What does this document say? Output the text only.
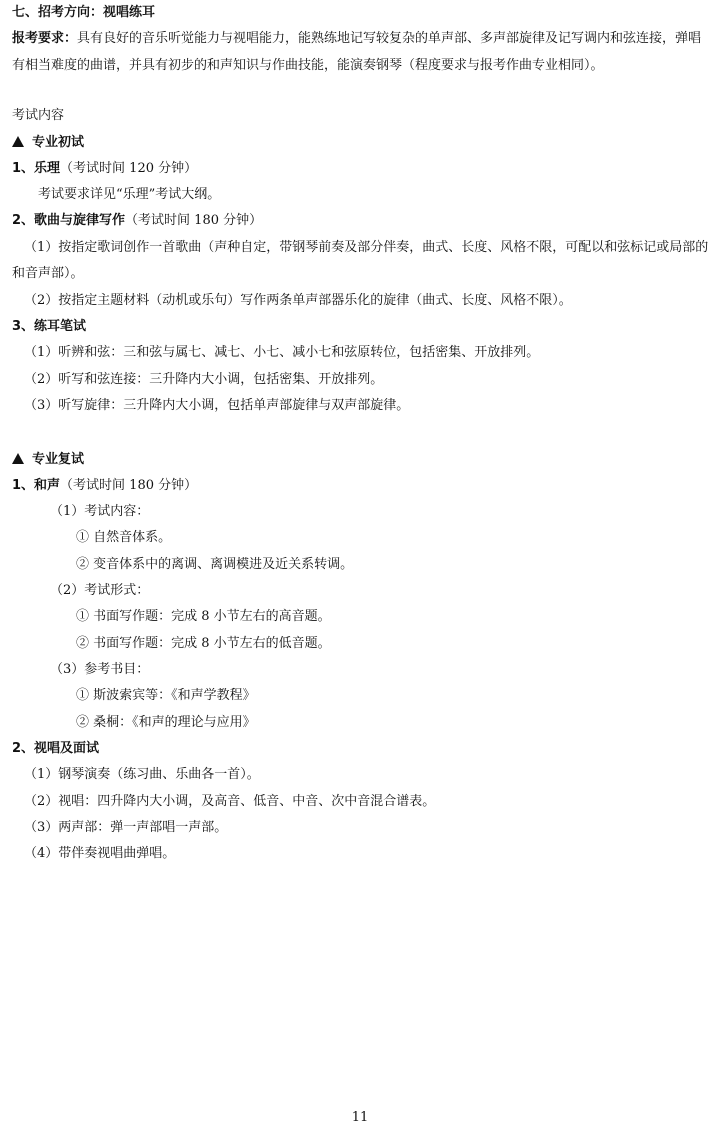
七、招考方向：视唱练耳
报考要求：具有良好的音乐听觉能力与视唱能力，能熟练地记写较复杂的单声部、多声部旋律及记写调内和弦连接，弹唱有相当难度的曲谱，并具有初步的和声知识与作曲技能，能演奏钢琴（程度要求与报考作曲专业相同）。
考试内容
专业初试
1、乐理（考试时间 120 分钟）
考试要求详见“乐理”考试大纲。
2、歌曲与旋律写作（考试时间 180 分钟）
（1）按指定歌词创作一首歌曲（声种自定，带钢琴前奏及部分伴奏，曲式、长度、风格不限，可配以和弦标记或局部的
和音声部）。
（2）按指定主题材料（动机或乐句）写作两条单声部器乐化的旋律（曲式、长度、风格不限）。
3、练耳笔试
（1）听辨和弦：三和弦与属七、减七、小七、减小七和弦原转位，包括密集、开放排列。
（2）听写和弦连接：三升降内大小调，包括密集、开放排列。
（3）听写旋律：三升降内大小调，包括单声部旋律与双声部旋律。
专业复试
1、和声（考试时间 180 分钟）
（1）考试内容：
① 自然音体系。
② 变音体系中的离调、离调模进及近关系转调。
（2）考试形式：
① 书面写作题：完成 8 小节左右的高音题。
② 书面写作题：完成 8 小节左右的低音题。
（3）参考书目：
① 斯波索宾等：《和声学教程》
② 桑桐：《和声的理论与应用》
2、视唱及面试
（1）钢琴演奏（练习曲、乐曲各一首）。
（2）视唱：四升降内大小调，及高音、低音、中音、次中音混合谱表。
（3）两声部：弹一声部唱一声部。
（4）带伴奏视唱曲弹唱。
11
